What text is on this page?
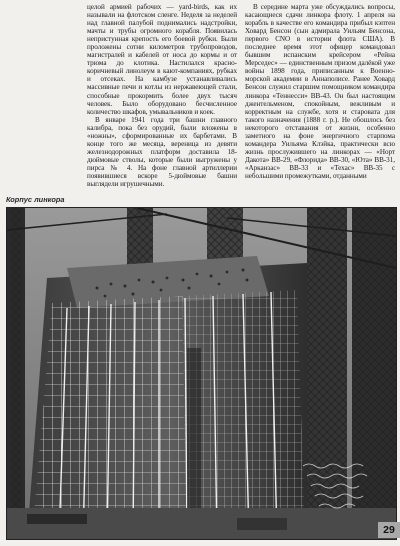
целой армией рабочих — yard-birds, как их называли на флотском сленге. Неделя за неделей над главной палубой поднимались надстройки, мачты и трубы огромного корабля. Появилась непристунная крепость его боевой рубки. Были проложены сотни километров трубопроводов, магистралей и кабелей от носа до кормы и от трюма до клотика. Настилался красно-коричневый линолеум в кают-компаниях, рубках и отсеках. На камбузе устанавливались массивные печи и котлы из нержавеющей стали, способные прокормить более двух тысяч человек. Было оборудовано бесчисленное количество шкафов, умывальников и коек.

В январе 1941 года три башни главного калибра, пока без орудий, были вложены в «ножны», сформированные их барбетами. В конце того же месяца, вереница из девяти железнодорожных платформ доставила 18-дюймовые стволы, которые были выгружены у пирса № 4. На фоне главной артиллерии появившиеся вскоре 5-дюймовые башни выглядели игрушечными.

В середине марта уже обсуждались вопросы, касающиеся сдачи линкора флоту. 1 апреля на корабль в качестве его командира прибыл кэптен Ховард Бенсон (сын адмирала Уильям Бенсона, первого CNO в истории флота США). В последнее время этот офицер командовал бывшим испанским крейсером «Рейна Мерседес» — единственным призом далёкой уже войны 1898 года, приписанным к Военно-морской академии в Аннаполисе. Ранее Ховард Бенсон служил старшим помощником командира линкора «Теннесси» BB-43. Он был настоящим джентельменом, спокойным, вежливым и корректным на службе, хотя и старовата для такого назначения (1888 г. р.). Не обошлось без некоторого отставания от жизни, особенно заметного на фоне энергичного старпома командера Уильяма Клэйка, практически всю жизнь прослужившего на линкорах — «Норт Дакота» BB-29, «Флорида» BB-30, «Юта» BB-31, «Арканзас» BB-33 и «Техас» BB-35 с небольшими промежутками, отданными

Корпус линкора
29
